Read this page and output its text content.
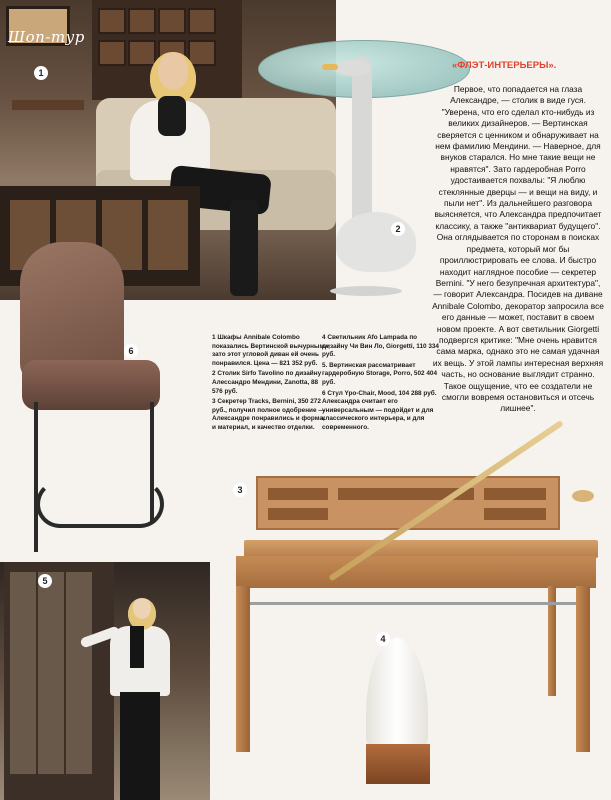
Шоп-тур
1
2

«ФЛЭТ-ИНТЕРЬЕРЫ».

Первое, что попадается на глаза Александре, — столик в виде гуся. "Уверена, что его сделал кто-нибудь из великих дизайнеров. — Вертинская сверяется с ценником и обнаруживает на нем фамилию Мендини. — Наверное, для внуков старался. Но мне такие вещи не нравятся". Зато гардеробная Porro удостаивается похвалы: "Я люблю стеклянные дверцы — и вещи на виду, и пыли нет". Из дальнейшего разговора выясняется, что Александра предпочитает классику, а также "антиквариат будущего". Она оглядывается по сторонам в поисках предмета, который мог бы проиллюстрировать ее слова. И быстро находит наглядное пособие — секретер Bernini. "У него безупречная архитектура", — говорит Александра. Посидев на диване Annibale Colombo, декоратор запросила все его данные — может, поставит в своем новом проекте. А вот светильник Giorgetti подвергся критике: "Мне очень нравится сама марка, однако это не самая удачная их вещь. У этой лампы интересная верхняя часть, но основание выглядит странно. Такое ощущение, что ее создатели не смогли вовремя остановиться и отсечь лишнее".

6

1 Шкафы Annibale Colombo показались Вертинской вычурными, зато этот угловой диван ей очень понравился. Цена — 821 352 руб.

2 Столик Sirfo Tavolino по дизайну Алессандро Мендини, Zanotta, 88 576 руб.

3 Секретер Tracks, Bernini, 350 272 руб., получил полное одобрение — Александре понравились и форма, и материал, и качество отделки.

4 Светильник Afo Lampada по дизайну Чи Вин Ло, Giorgetti, 110 334 руб.

5. Вертинская рассматривает гардеробную Storage, Porro, 502 404 руб.

6 Стул Ypo-Chair, Mood, 104 288 руб. Александра считает его универсальным — подойдет и для классического интерьера, и для современного.

3
4
5
